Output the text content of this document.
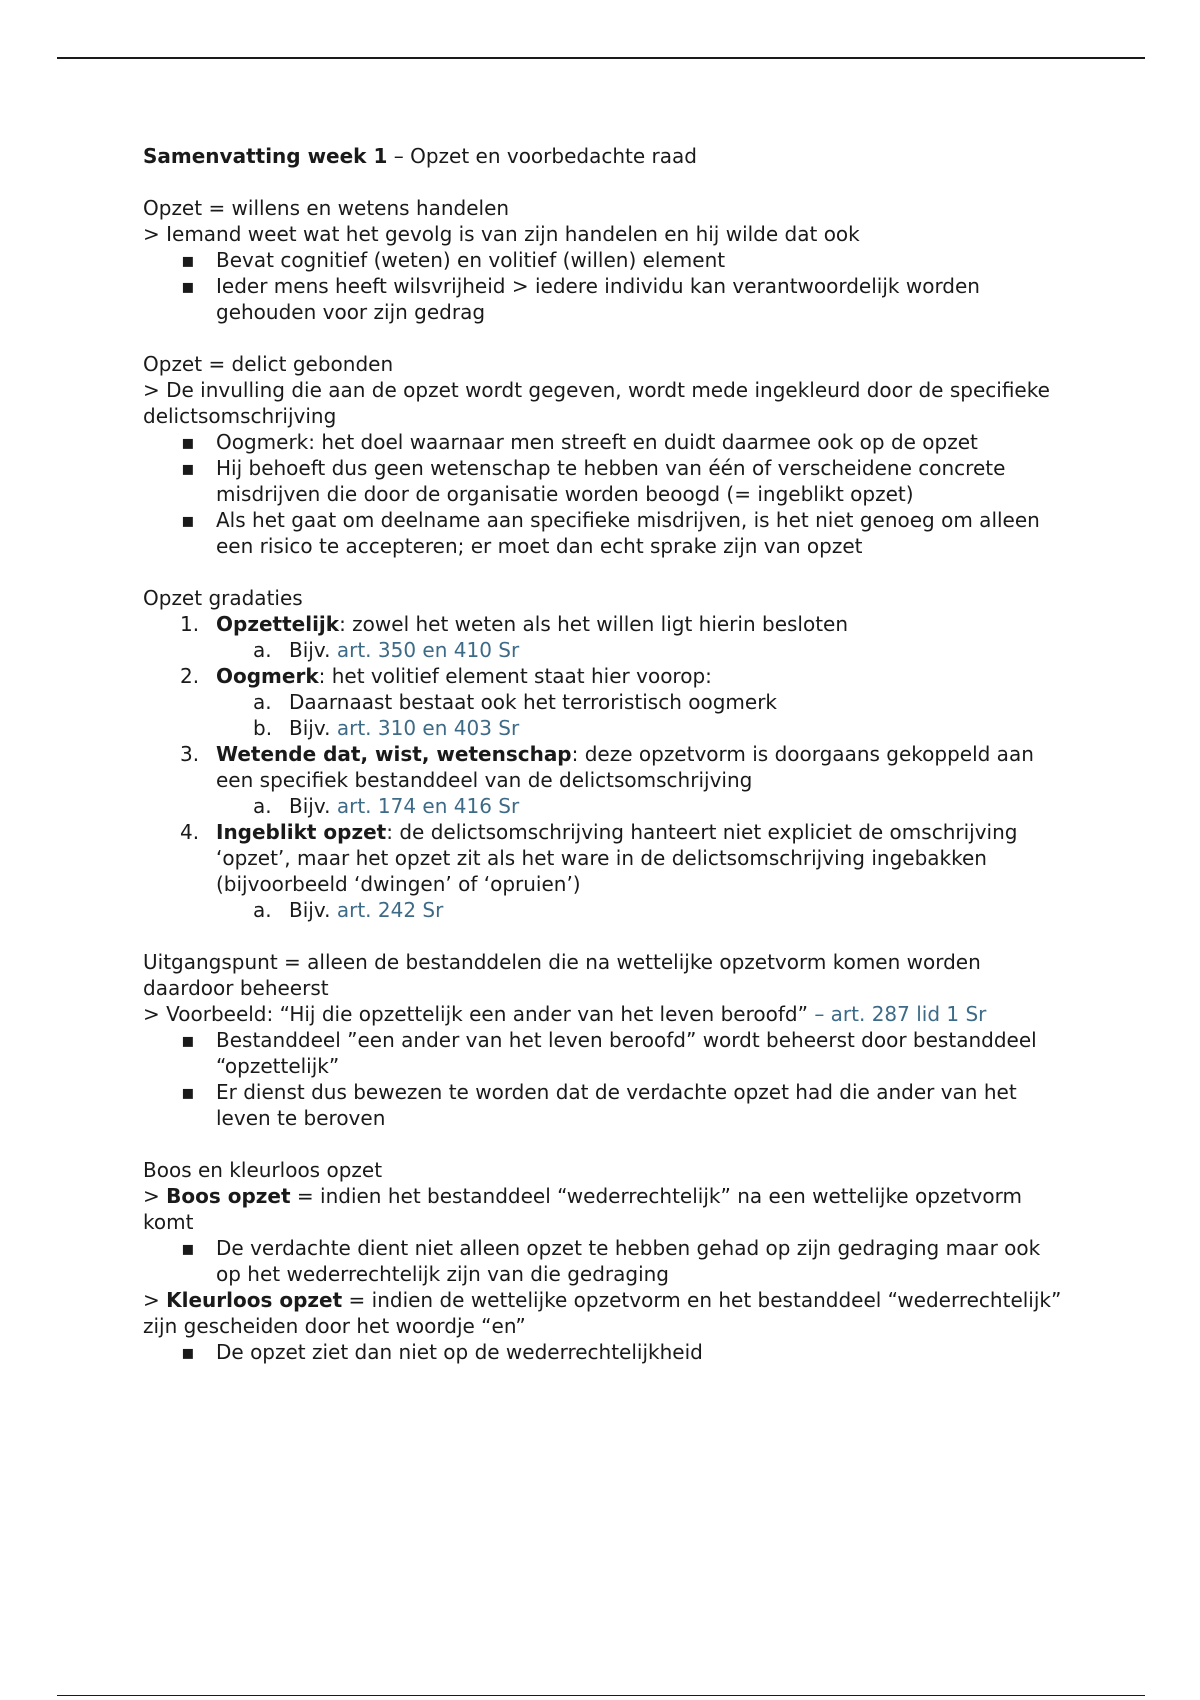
Samenvatting week 1 – Opzet en voorbedachte raad

Opzet = willens en wetens handelen

> Iemand weet wat het gevolg is van zijn handelen en hij wilde dat ook

▪ Bevat cognitief (weten) en volitief (willen) element

▪ Ieder mens heeft wilsvrijheid > iedere individu kan verantwoordelijk worden gehouden voor zijn gedrag

Opzet = delict gebonden

> De invulling die aan de opzet wordt gegeven, wordt mede ingekleurd door de specifieke delictsomschrijving

▪ Oogmerk: het doel waarnaar men streeft en duidt daarmee ook op de opzet

▪ Hij behoeft dus geen wetenschap te hebben van één of verscheidene concrete misdrijven die door de organisatie worden beoogd (= ingeblikt opzet)

▪ Als het gaat om deelname aan specifieke misdrijven, is het niet genoeg om alleen een risico te accepteren; er moet dan echt sprake zijn van opzet

Opzet gradaties

1. Opzettelijk: zowel het weten als het willen ligt hierin besloten

a. Bijv. art. 350 en 410 Sr

2. Oogmerk: het volitief element staat hier voorop:

a. Daarnaast bestaat ook het terroristisch oogmerk

b. Bijv. art. 310 en 403 Sr

3. Wetende dat, wist, wetenschap: deze opzetvorm is doorgaans gekoppeld aan een specifiek bestanddeel van de delictsomschrijving

a. Bijv. art. 174 en 416 Sr

4. Ingeblikt opzet: de delictsomschrijving hanteert niet expliciet de omschrijving ‘opzet’, maar het opzet zit als het ware in de delictsomschrijving ingebakken (bijvoorbeeld ‘dwingen’ of ‘opruien’)

a. Bijv. art. 242 Sr

Uitgangspunt = alleen de bestanddelen die na wettelijke opzetvorm komen worden daardoor beheerst

> Voorbeeld: “Hij die opzettelijk een ander van het leven beroofd” – art. 287 lid 1 Sr

▪ Bestanddeel ”een ander van het leven beroofd” wordt beheerst door bestanddeel “opzettelijk”

▪ Er dienst dus bewezen te worden dat de verdachte opzet had die ander van het leven te beroven

Boos en kleurloos opzet

> Boos opzet = indien het bestanddeel “wederrechtelijk” na een wettelijke opzetvorm komt

▪ De verdachte dient niet alleen opzet te hebben gehad op zijn gedraging maar ook op het wederrechtelijk zijn van die gedraging

> Kleurloos opzet = indien de wettelijke opzetvorm en het bestanddeel “wederrechtelijk” zijn gescheiden door het woordje “en”

▪ De opzet ziet dan niet op de wederrechtelijkheid
